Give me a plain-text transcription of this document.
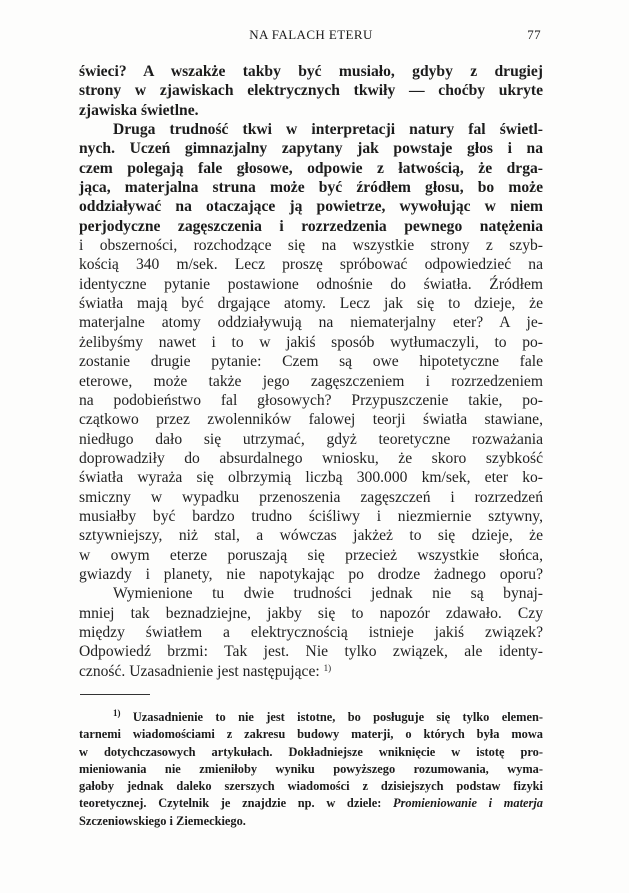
NA FALACH ETERU	77
świeci? A wszakże takby być musiało, gdyby z drugiej
strony w zjawiskach elektrycznych tkwiły — choćby ukryte
zjawiska świetlne.
Druga trudność tkwi w interpretacji natury fal świetl-
nych. Uczeń gimnazjalny zapytany jak powstaje głos i na
czem polegają fale głosowe, odpowie z łatwością, że drga-
jąca, materjalna struna może być źródłem głosu, bo może
oddziaływać na otaczające ją powietrze, wywołując w niem
perjodyczne zagęszczenia i rozrzedzenia pewnego natężenia
i obszerności, rozchodzące się na wszystkie strony z szyb-
kością 340 m/sek. Lecz proszę spróbować odpowiedzieć na
identyczne pytanie postawione odnośnie do światła. Źródłem
światła mają być drgające atomy. Lecz jak się to dzieje, że
materjalne atomy oddziaływują na niematerjalny eter? A je-
żelibyśmy nawet i to w jakiś sposób wytłumaczyli, to po-
zostanie drugie pytanie: Czem są owe hipotetyczne fale
eterowe, może także jego zagęszczeniem i rozrzedzeniem
na podobieństwo fal głosowych? Przypuszczenie takie, po-
czątkowo przez zwolenników falowej teorji światła stawiane,
niedługo dało się utrzymać, gdyż teoretyczne rozważania
doprowadziły do absurdalnego wniosku, że skoro szybkość
światła wyraża się olbrzymią liczbą 300.000 km/sek, eter ko-
smiczny w wypadku przenoszenia zagęszczeń i rozrzedzeń
musiałby być bardzo trudno ściśliwy i niezmiernie sztywny,
sztywniejszy, niż stal, a wówczas jakżeż to się dzieje, że
w owym eterze poruszają się przecież wszystkie słońca,
gwiazdy i planety, nie napotykając po drodze żadnego oporu?
Wymienione tu dwie trudności jednak nie są bynaj-
mniej tak beznadziejne, jakby się to napozór zdawało. Czy
między światłem a elektrycznością istnieje jakiś związek?
Odpowiedź brzmi: Tak jest. Nie tylko związek, ale identy-
czność. Uzasadnienie jest następujące: $^{1)}$
$^{1)}$ Uzasadnienie to nie jest istotne, bo posługuje się tylko elemen-
tarnemi wiadomościami z zakresu budowy materji, o których była mowa
w dotychczasowych artykułach. Dokładniejsze wniknięcie w istotę pro-
mieniowania nie zmieniłoby wyniku powyższego rozumowania, wyma-
gałoby jednak daleko szerszych wiadomości z dzisiejszych podstaw fizyki
teoretycznej. Czytelnik je znajdzie np. w dziele: Promieniowanie i materja
Szczeniowskiego i Ziemeckiego.
